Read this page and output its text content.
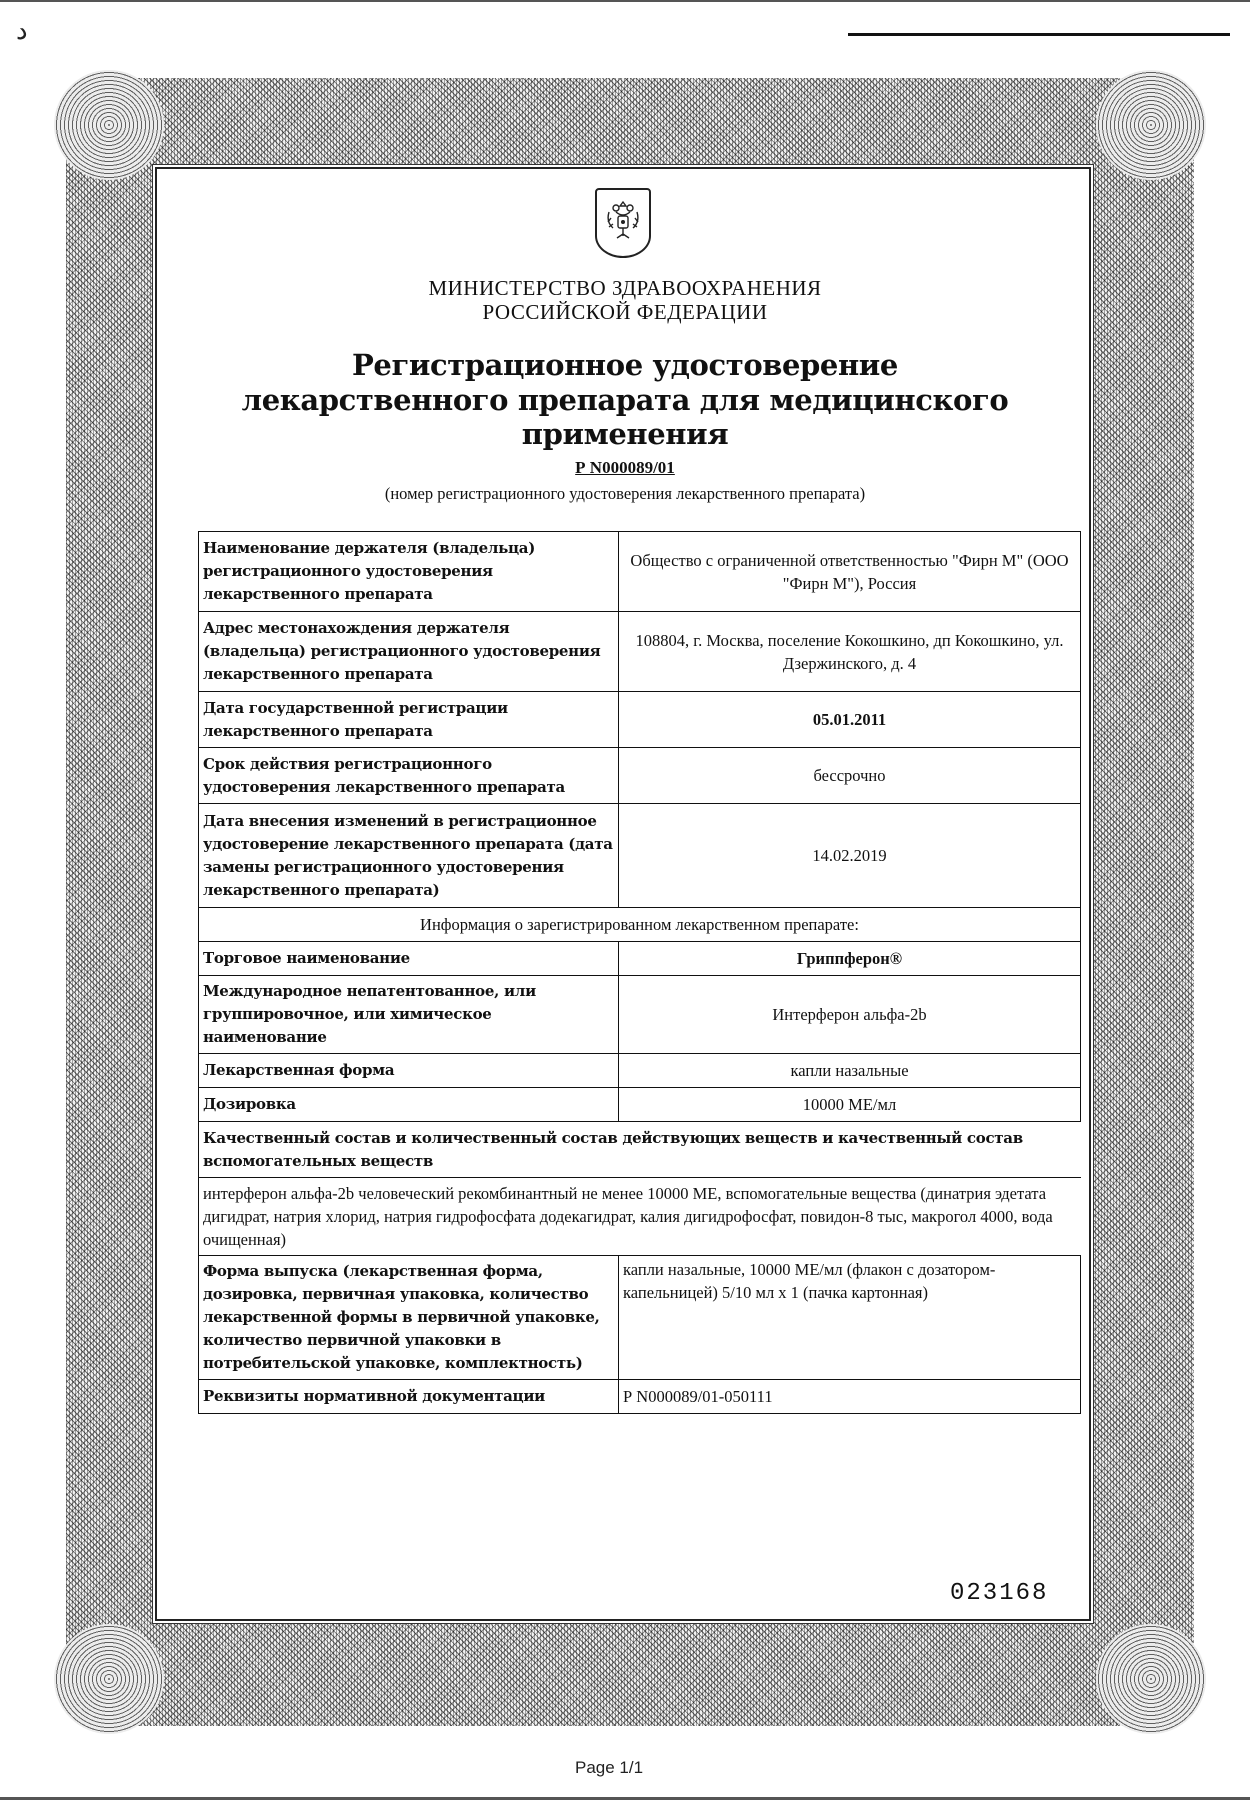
ﺩ
МИНИСТЕРСТВО ЗДРАВООХРАНЕНИЯ
РОССИЙСКОЙ ФЕДЕРАЦИИ
Регистрационное удостоверение
лекарственного препарата для медицинского применения
Р N000089/01
(номер регистрационного удостоверения лекарственного препарата)
Наименование держателя (владельца) регистрационного удостоверения лекарственного препарата	Общество с ограниченной ответственностью "Фирн М" (ООО "Фирн М"), Россия
Адрес местонахождения держателя (владельца) регистрационного удостоверения лекарственного препарата	108804, г. Москва, поселение Кокошкино, дп Кокошкино, ул. Дзержинского, д. 4
Дата государственной регистрации лекарственного препарата	05.01.2011
Срок действия регистрационного удостоверения лекарственного препарата	бессрочно
Дата внесения изменений в регистрационное удостоверение лекарственного препарата (дата замены регистрационного удостоверения лекарственного препарата)	14.02.2019
Информация о зарегистрированном лекарственном препарате:	
Торговое наименование	Гриппферон®
Международное непатентованное, или группировочное, или химическое наименование	Интерферон альфа-2b
Лекарственная форма	капли назальные
Дозировка	10000 МЕ/мл
Качественный состав и количественный состав действующих веществ и качественный состав вспомогательных веществ	
интерферон альфа-2b человеческий рекомбинантный не менее 10000 МЕ, вспомогательные вещества (динатрия эдетата дигидрат, натрия хлорид, натрия гидрофосфата додекагидрат, калия дигидрофосфат, повидон-8 тыс, макрогол 4000, вода очищенная)	
Форма выпуска (лекарственная форма, дозировка, первичная упаковка, количество лекарственной формы в первичной упаковке, количество первичной упаковки в потребительской упаковке, комплектность)	капли назальные, 10000 МЕ/мл (флакон с дозатором-капельницей) 5/10 мл х 1 (пачка картонная)
Реквизиты нормативной документации	Р N000089/01-050111
023168
Page 1/1
